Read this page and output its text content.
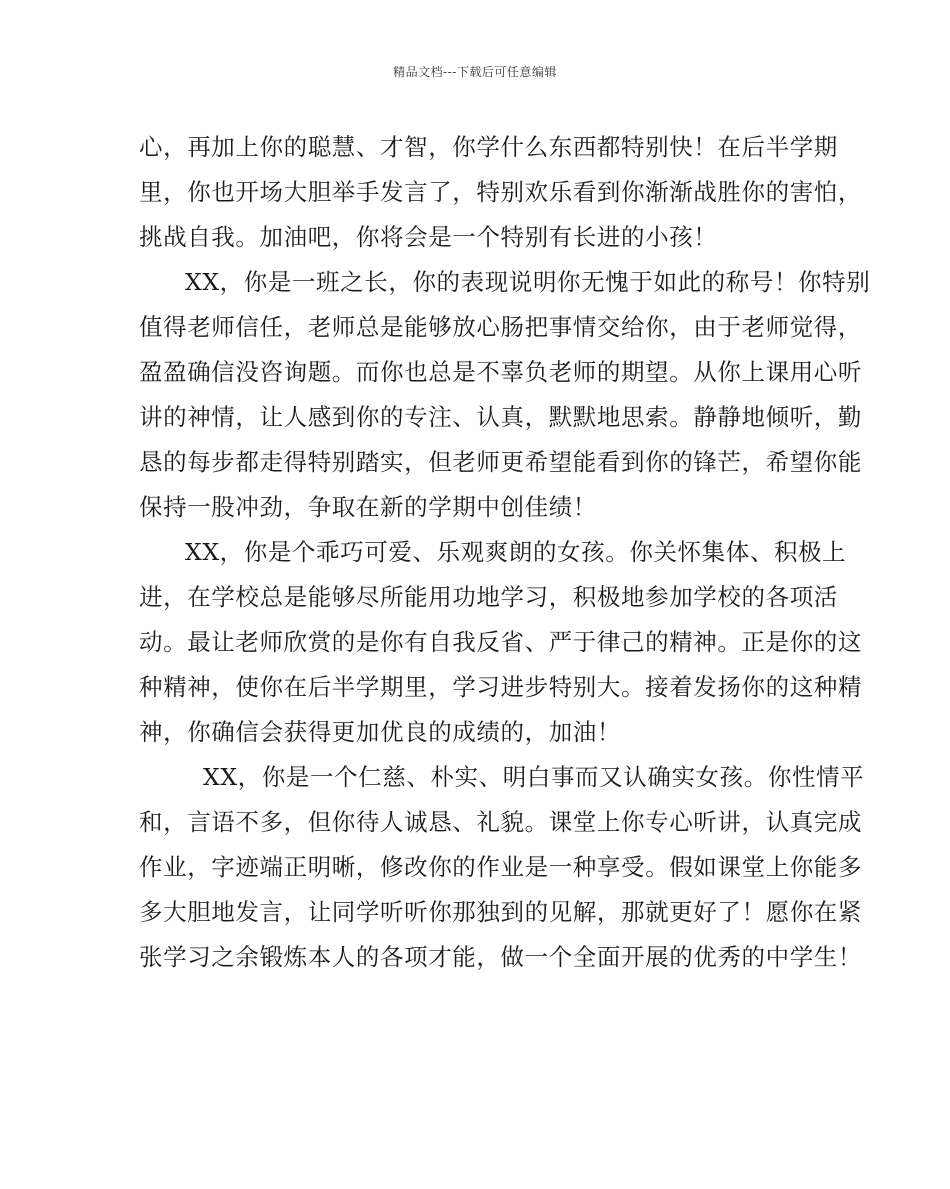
精品文档---下载后可任意编辑
心，再加上你的聪慧、才智，你学什么东西都特别快！在后半学期
里，你也开场大胆举手发言了，特别欢乐看到你渐渐战胜你的害怕，
挑战自我。加油吧，你将会是一个特别有长进的小孩！
XX，你是一班之长，你的表现说明你无愧于如此的称号！你特别
值得老师信任，老师总是能够放心肠把事情交给你，由于老师觉得，
盈盈确信没咨询题。而你也总是不辜负老师的期望。从你上课用心听
讲的神情，让人感到你的专注、认真，默默地思索。静静地倾听，勤
恳的每步都走得特别踏实，但老师更希望能看到你的锋芒，希望你能
保持一股冲劲，争取在新的学期中创佳绩！
XX，你是个乖巧可爱、乐观爽朗的女孩。你关怀集体、积极上
进，在学校总是能够尽所能用功地学习，积极地参加学校的各项活
动。最让老师欣赏的是你有自我反省、严于律己的精神。正是你的这
种精神，使你在后半学期里，学习进步特别大。接着发扬你的这种精
神，你确信会获得更加优良的成绩的，加油！
XX，你是一个仁慈、朴实、明白事而又认确实女孩。你性情平
和，言语不多，但你待人诚恳、礼貌。课堂上你专心听讲，认真完成
作业，字迹端正明晰，修改你的作业是一种享受。假如课堂上你能多
多大胆地发言，让同学听听你那独到的见解，那就更好了！愿你在紧
张学习之余锻炼本人的各项才能，做一个全面开展的优秀的中学生！
